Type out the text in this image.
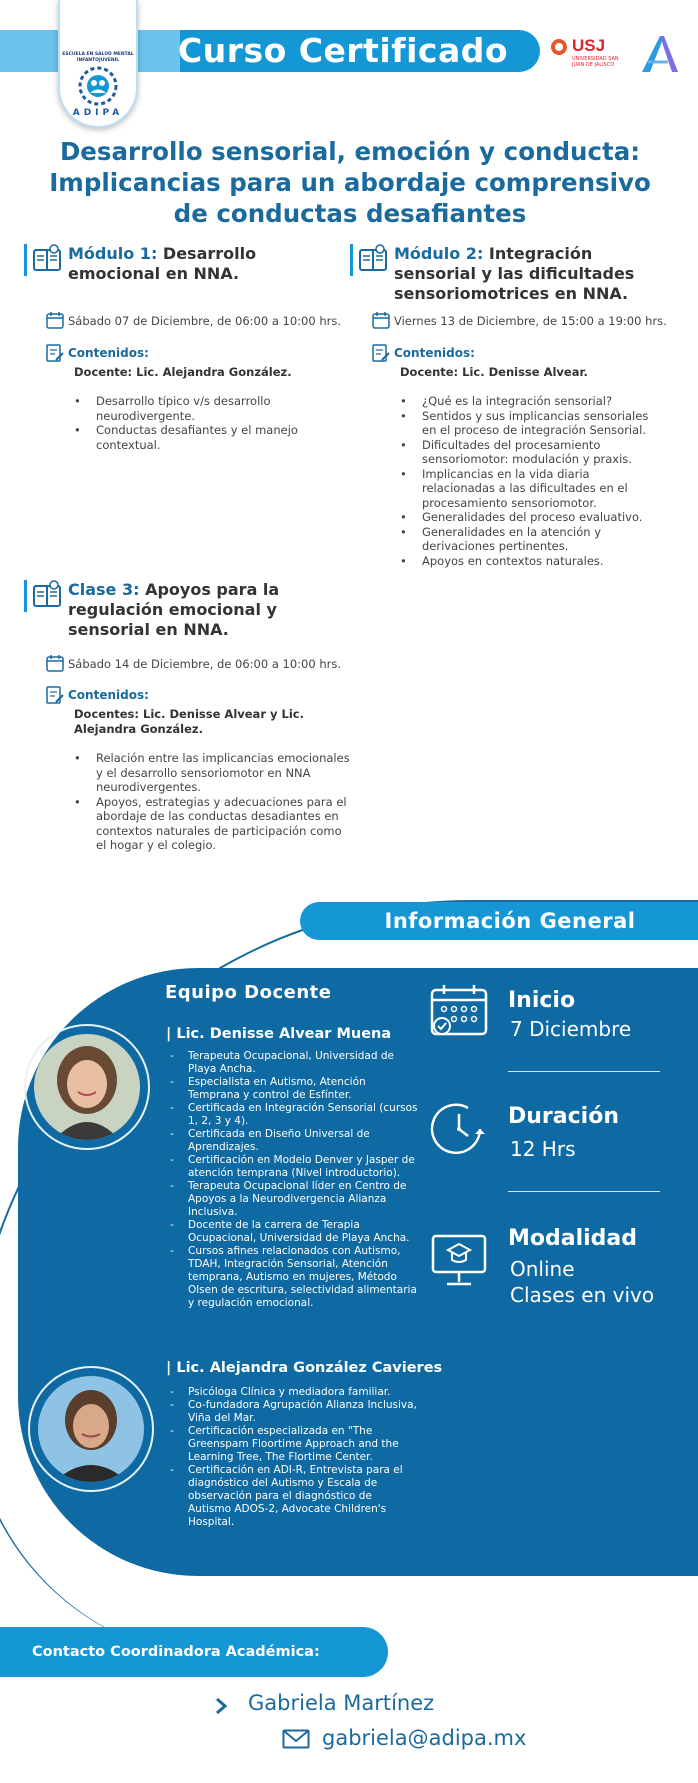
Curso Certificado
ESCUELA EN SALUD MENTAL INFANTOJUVENIL
ADIPA
USJ
UNIVERSIDAD SAN JUAN DE JALISCO
Desarrollo sensorial, emoción y conducta:
Implicancias para un abordaje comprensivo
de conductas desafiantes
Módulo 1: Desarrollo emocional en NNA.
Sábado 07 de Diciembre, de 06:00 a 10:00 hrs.
Contenidos:
Docente: Lic. Alejandra González.
• Desarrollo típico v/s desarrollo neurodivergente.
• Conductas desafiantes y el manejo contextual.
Módulo 2: Integración sensorial y las dificultades sensoriomotrices en NNA.
Viernes 13 de Diciembre, de 15:00 a 19:00 hrs.
Contenidos:
Docente: Lic. Denisse Alvear.
• ¿Qué es la integración sensorial?
• Sentidos y sus implicancias sensoriales en el proceso de integración Sensorial.
• Dificultades del procesamiento sensoriomotor: modulación y praxis.
• Implicancias en la vida diaria relacionadas a las dificultades en el procesamiento sensoriomotor.
• Generalidades del proceso evaluativo.
• Generalidades en la atención y derivaciones pertinentes.
• Apoyos en contextos naturales.
Clase 3: Apoyos para la regulación emocional y sensorial en NNA.
Sábado 14 de Diciembre, de 06:00 a 10:00 hrs.
Contenidos:
Docentes: Lic. Denisse Alvear y Lic. Alejandra González.
• Relación entre las implicancias emocionales y el desarrollo sensoriomotor en NNA neurodivergentes.
• Apoyos, estrategias y adecuaciones para el abordaje de las conductas desadiantes en contextos naturales de participación como el hogar y el colegio.
Información General
Equipo Docente
| Lic. Denisse Alvear Muena
- Terapeuta Ocupacional, Universidad de Playa Ancha.
- Especialista en Autismo, Atención Temprana y control de Esfínter.
- Certificada en Integración Sensorial (cursos 1, 2, 3 y 4).
- Certificada en Diseño Universal de Aprendizajes.
- Certificación en Modelo Denver y Jasper de atención temprana (Nivel introductorio).
- Terapeuta Ocupacional líder en Centro de Apoyos a la Neurodivergencia Alianza Inclusiva.
- Docente de la carrera de Terapia Ocupacional, Universidad de Playa Ancha.
- Cursos afines relacionados con Autismo, TDAH, Integración Sensorial, Atención temprana, Autismo en mujeres, Método Olsen de escritura, selectividad alimentaria y regulación emocional.
| Lic. Alejandra González Cavieres
- Psicóloga Clínica y mediadora familiar.
- Co-fundadora Agrupación Alianza Inclusiva, Viña del Mar.
- Certificación especializada en "The Greenspam Floortime Approach and the Learning Tree, The Flortime Center.
- Certificación en ADI-R, Entrevista para el diagnóstico del Autismo y Escala de observación para el diagnóstico de Autismo ADOS-2, Advocate Children's Hospital.
Inicio
7 Diciembre
Duración
12 Hrs
Modalidad
Online
Clases en vivo
Contacto Coordinadora Académica:
Gabriela Martínez
gabriela@adipa.mx
